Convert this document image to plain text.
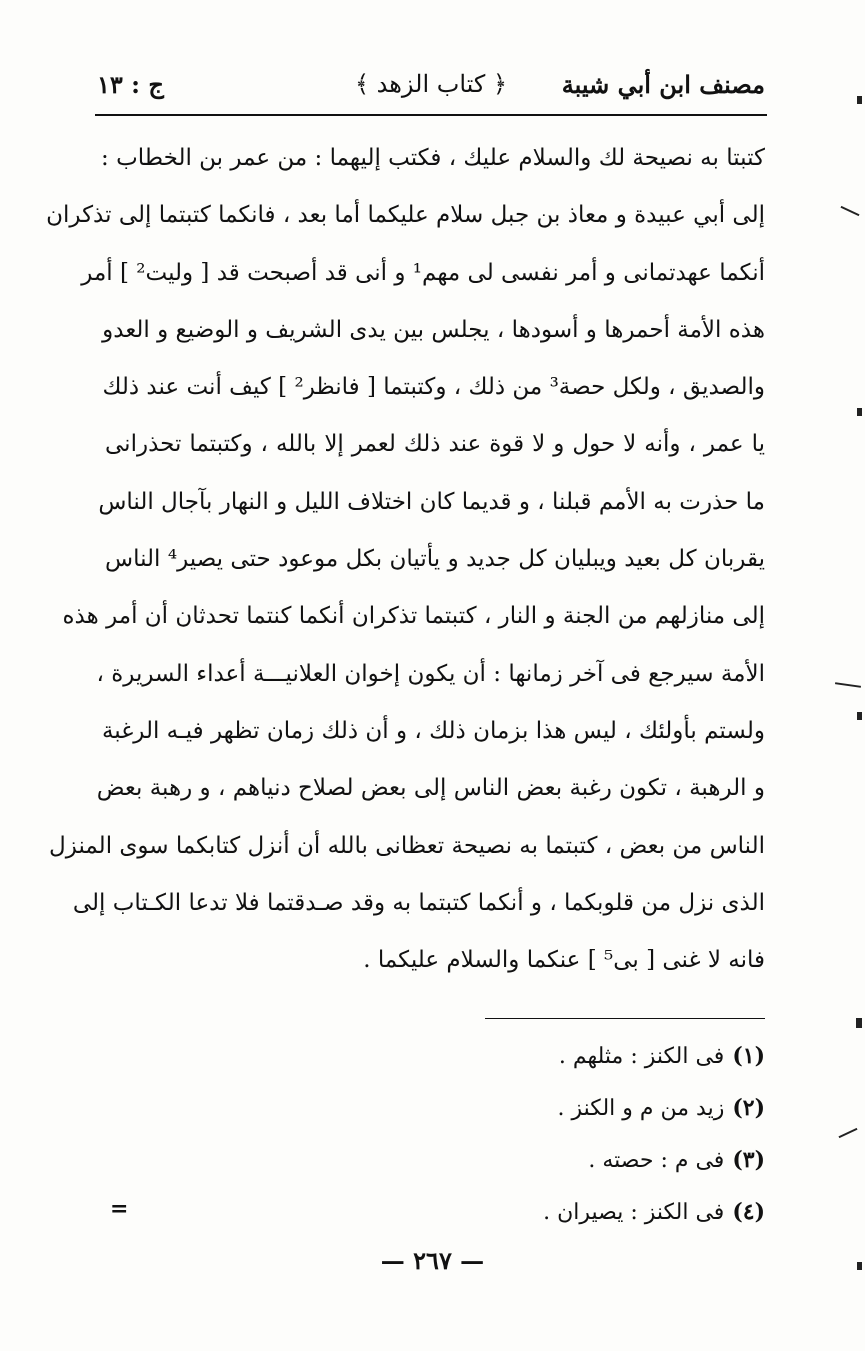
مصنف ابن أبي شيبة
﴿ كتاب الزهد ﴾
ج : ١٣
كتبتا به نصيحة لك والسلام عليك ، فكتب إليهما : من عمر بن الخطاب :
إلى أبي عبيدة و معاذ بن جبل سلام عليكما أما بعد ، فانكما كتبتما إلى تذكران
أنكما عهدتمانى و أمر نفسى لى مهم¹ و أنى قد أصبحت قد [ وليت² ] أمر
هذه الأمة أحمرها و أسودها ، يجلس بين يدى الشريف و الوضيع و العدو
والصديق ، ولكل حصة³ من ذلك ، وكتبتما [ فانظر² ] كيف أنت عند ذلك
يا عمر ، وأنه لا حول و لا قوة عند ذلك لعمر إلا بالله ، وكتبتما تحذرانى
ما حذرت به الأمم قبلنا ، و قديما كان اختلاف الليل و النهار بآجال الناس
يقربان كل بعيد ويبليان كل جديد و يأتيان بكل موعود حتى يصير⁴ الناس
إلى منازلهم من الجنة و النار ، كتبتما تذكران أنكما كنتما تحدثان أن أمر هذه
الأمة سيرجع فى آخر زمانها : أن يكون إخوان العلانيـــة أعداء السريرة ،
ولستم بأولئك ، ليس هذا بزمان ذلك ، و أن ذلك زمان تظهر فيـه الرغبة
و الرهبة ، تكون رغبة بعض الناس إلى بعض لصلاح دنياهم ، و رهبة بعض
الناس من بعض ، كتبتما به نصيحة تعظانى بالله أن أنزل كتابكما سوى المنزل
الذى نزل من قلوبكما ، و أنكما كتبتما به وقد صـدقتما فلا تدعا الكـتاب إلى
فانه لا غنى [ بى⁵ ] عنكما والسلام عليكما .
(١)فى الكنز : مثلهم .
(٢)زيد من م و الكنز .
(٣)فى م : حصته .
(٤)فى الكنز : يصيران .
=
— ٢٦٧ —
